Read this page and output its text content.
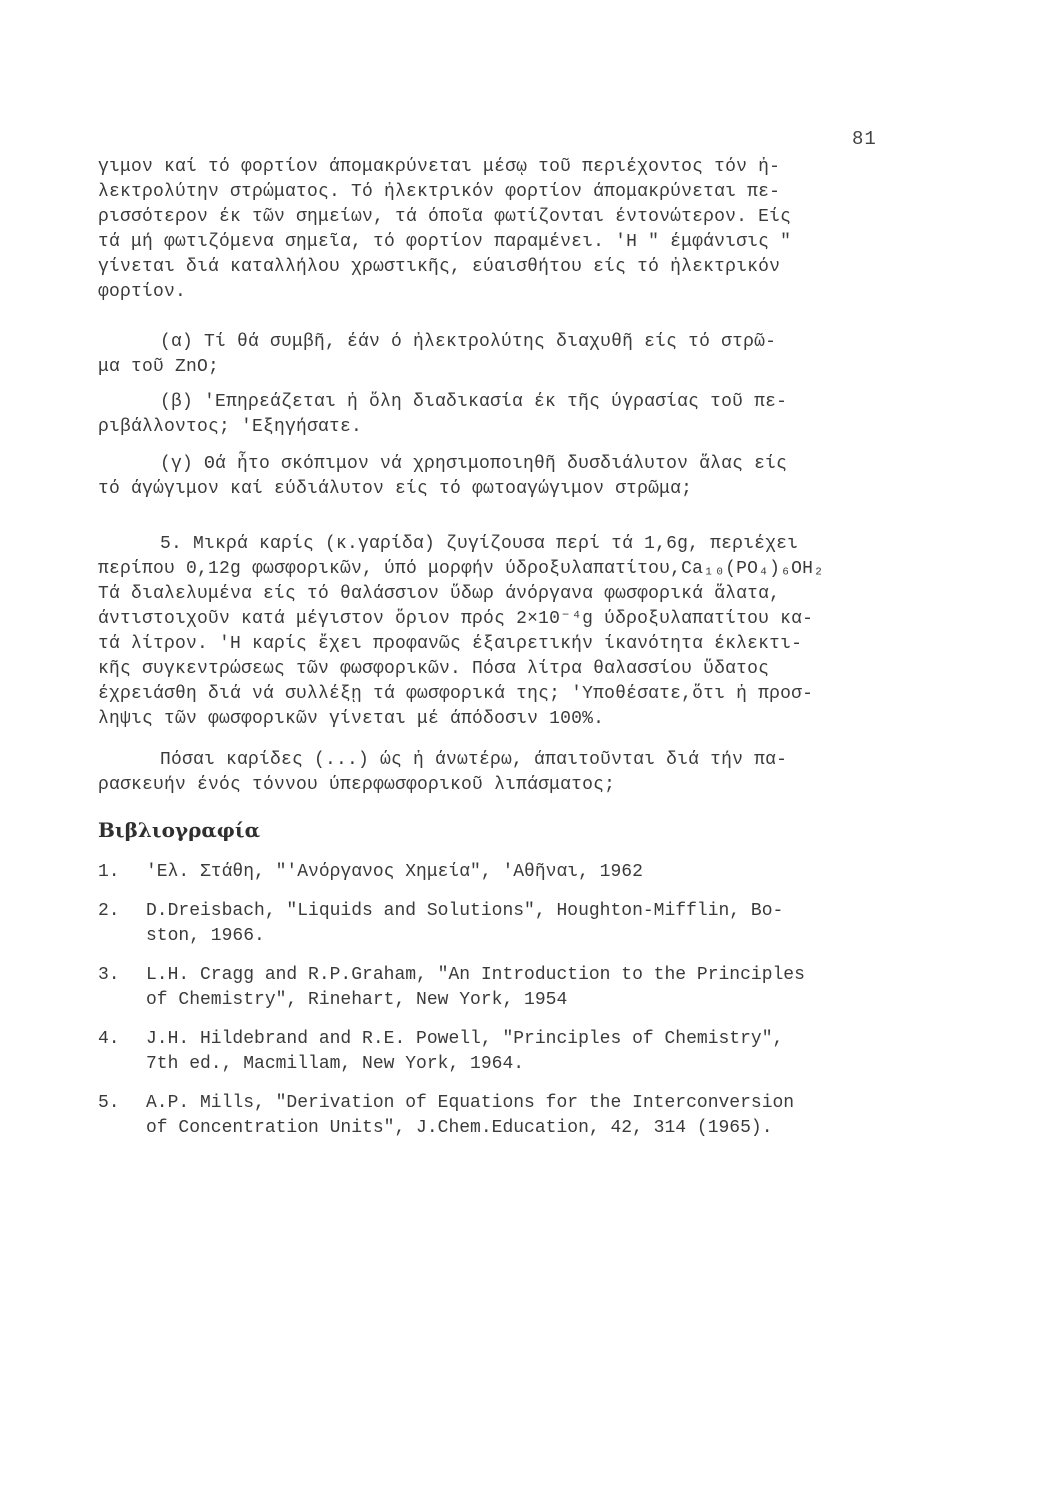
81
γιμον καί τό φορτίον άπομακρύνεται μέσῳ τοῦ περιέχοντος τόν ἠ-
λεκτρολύτην στρώματος. Τό ἠλεκτρικόν φορτίον άπομακρύνεται πε-
ρισσότερον έκ τῶν σημείων, τά όποῖα φωτίζονται έντονώτερον. Είς
τά μή φωτιζόμενα σημεῖα, τό φορτίον παραμένει. 'Η " έμφάνισις "
γίνεται διά καταλλήλου χρωστικῆς, εύαισθήτου είς τό ἠλεκτρικόν
φορτίον.
(α) Τί θά συμβῆ, έάν ό ἠλεκτρολύτης διαχυθῆ είς τό στρῶ-
μα τοῦ ZnO;
(β) 'Επηρεάζεται ἡ ὅλη διαδικασία έκ τῆς ύγρασίας τοῦ πε-
ριβάλλοντος; 'Εξηγήσατε.
(γ) Θά ἦτο σκόπιμον νά χρησιμοποιηθῆ δυσδιάλυτον ἅλας είς
τό άγώγιμον καί εύδιάλυτον είς τό φωτοαγώγιμον στρῶμα;
5. Μικρά καρίς (κ.γαρίδα) ζυγίζουσα περί τά 1,6g, περιέχει
περίπου 0,12g φωσφορικῶν, ύπό μορφήν ύδροξυλαπατίτου,Ca₁₀(PO₄)₆OH₂
Τά διαλελυμένα είς τό θαλάσσιον ὕδωρ άνόργανα φωσφορικά ἅλατα,
άντιστοιχοῦν κατά μέγιστον ὅριον πρός 2×10⁻⁴g ύδροξυλαπατίτου κα-
τά λίτρον. 'Η καρίς ἔχει προφανῶς έξαιρετικήν ίκανότητα έκλεκτι-
κῆς συγκεντρώσεως τῶν φωσφορικῶν. Πόσα λίτρα θαλασσίου ὕδατος
έχρειάσθη διά νά συλλέξῃ τά φωσφορικά της; 'Υποθέσατε,ὅτι ἡ προσ-
ληψις τῶν φωσφορικῶν γίνεται μέ άπόδοσιν 100%.
Πόσαι καρίδες (...) ώς ἡ άνωτέρω, άπαιτοῦνται διά τήν πα-
ρασκευήν ένός τόννου ύπερφωσφορικοῦ λιπάσματος;
Βιβλιογραφία
1.	'Ελ. Στάθη, "'Ανόργανος Χημεία", 'Αθῆναι, 1962
2.	D.Dreisbach, "Liquids and Solutions", Houghton-Mifflin, Bo-
ston, 1966.
3.	L.H. Cragg and R.P.Graham, "An Introduction to the Principles
of Chemistry", Rinehart, New York, 1954
4.	J.H. Hildebrand and R.E. Powell, "Principles of Chemistry",
7th ed., Macmillam, New York, 1964.
5.	A.P. Mills, "Derivation of Equations for the Interconversion
of Concentration Units", J.Chem.Education, 42, 314 (1965).
